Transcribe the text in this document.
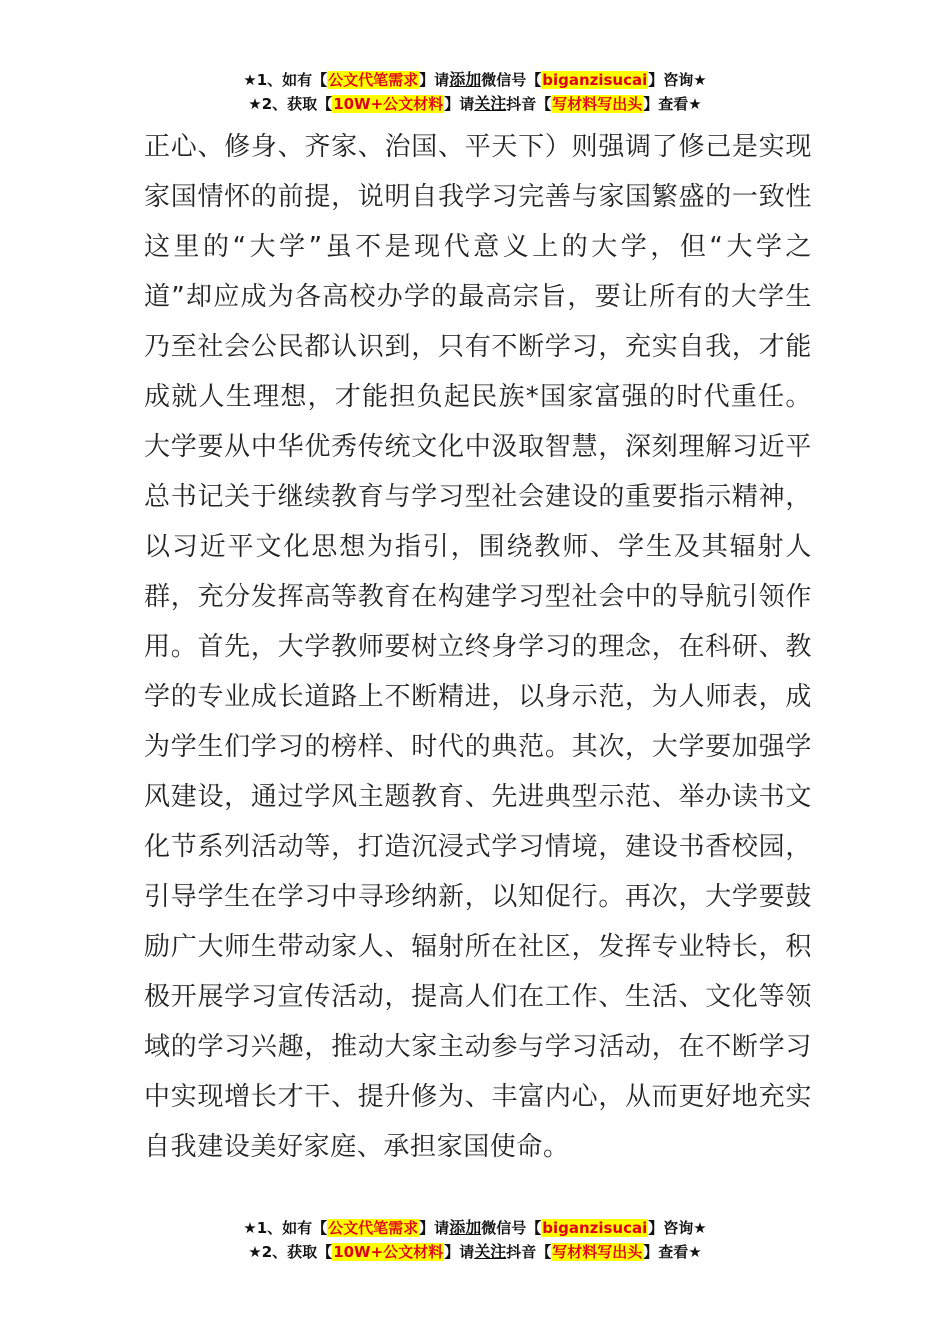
★1、如有【公文代笔需求】请添加微信号【biganzisucai】咨询★
★2、获取【10W+公文材料】请关注抖音【写材料写出头】查看★

正心、修身、齐家、治国、平天下）则强调了修己是实现家国情怀的前提，说明自我学习完善与家国繁盛的一致性这里的“大学”虽不是现代意义上的大学，但“大学之道”却应成为各高校办学的最高宗旨，要让所有的大学生乃至社会公民都认识到，只有不断学习，充实自我，才能成就人生理想，才能担负起民族*国家富强的时代重任。大学要从中华优秀传统文化中汲取智慧，深刻理解习近平总书记关于继续教育与学习型社会建设的重要指示精神，以习近平文化思想为指引，围绕教师、学生及其辐射人群，充分发挥高等教育在构建学习型社会中的导航引领作用。首先，大学教师要树立终身学习的理念，在科研、教学的专业成长道路上不断精进，以身示范，为人师表，成为学生们学习的榜样、时代的典范。其次，大学要加强学风建设，通过学风主题教育、先进典型示范、举办读书文化节系列活动等，打造沉浸式学习情境，建设书香校园，引导学生在学习中寻珍纳新，以知促行。再次，大学要鼓励广大师生带动家人、辐射所在社区，发挥专业特长，积极开展学习宣传活动，提高人们在工作、生活、文化等领域的学习兴趣，推动大家主动参与学习活动，在不断学习中实现增长才干、提升修为、丰富内心，从而更好地充实自我建设美好家庭、承担家国使命。

★1、如有【公文代笔需求】请添加微信号【biganzisucai】咨询★
★2、获取【10W+公文材料】请关注抖音【写材料写出头】查看★
